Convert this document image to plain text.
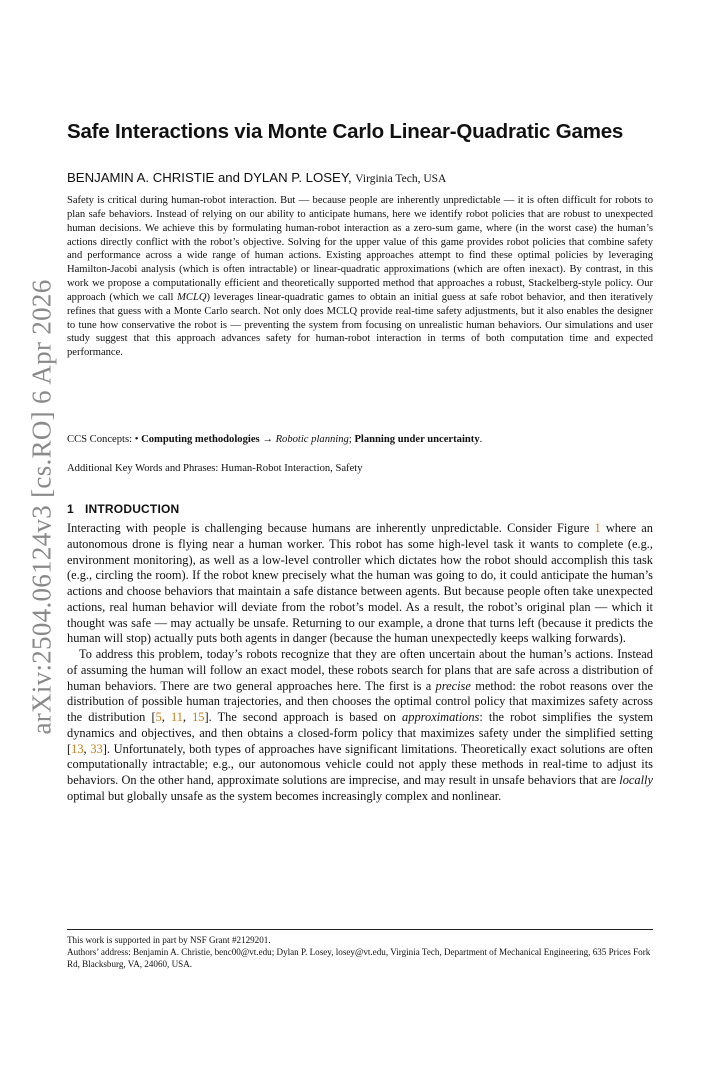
arXiv:2504.06124v3 [cs.RO] 6 Apr 2026
Safe Interactions via Monte Carlo Linear-Quadratic Games
BENJAMIN A. CHRISTIE and DYLAN P. LOSEY, Virginia Tech, USA

Safety is critical during human-robot interaction. But — because people are inherently unpredictable — it is often difficult for robots to plan safe behaviors. Instead of relying on our ability to anticipate humans, here we identify robot policies that are robust to unexpected human decisions. We achieve this by formulating human-robot interaction as a zero-sum game, where (in the worst case) the human’s actions directly conflict with the robot’s objective. Solving for the upper value of this game provides robot policies that combine safety and performance across a wide range of human actions. Existing approaches attempt to find these optimal policies by leveraging Hamilton-Jacobi analysis (which is often intractable) or linear-quadratic approximations (which are often inexact). By contrast, in this work we propose a computationally efficient and theoretically supported method that approaches a robust, Stackelberg-style policy. Our approach (which we call MCLQ) leverages linear-quadratic games to obtain an initial guess at safe robot behavior, and then iteratively refines that guess with a Monte Carlo search. Not only does MCLQ provide real-time safety adjustments, but it also enables the designer to tune how conservative the robot is — preventing the system from focusing on unrealistic human behaviors. Our simulations and user study suggest that this approach advances safety for human-robot interaction in terms of both computation time and expected performance.

CCS Concepts: • Computing methodologies → Robotic planning; Planning under uncertainty.

Additional Key Words and Phrases: Human-Robot Interaction, Safety

1 INTRODUCTION

Interacting with people is challenging because humans are inherently unpredictable. Consider Figure 1 where an autonomous drone is flying near a human worker. This robot has some high-level task it wants to complete (e.g., environment monitoring), as well as a low-level controller which dictates how the robot should accomplish this task (e.g., circling the room). If the robot knew precisely what the human was going to do, it could anticipate the human’s actions and choose behaviors that maintain a safe distance between agents. But because people often take unexpected actions, real human behavior will deviate from the robot’s model. As a result, the robot’s original plan — which it thought was safe — may actually be unsafe. Returning to our example, a drone that turns left (because it predicts the human will stop) actually puts both agents in danger (because the human unexpectedly keeps walking forwards).

To address this problem, today’s robots recognize that they are often uncertain about the human’s actions. Instead of assuming the human will follow an exact model, these robots search for plans that are safe across a distribution of human behaviors. There are two general approaches here. The first is a precise method: the robot reasons over the distribution of possible human trajectories, and then chooses the optimal control policy that maximizes safety across the distribution [5, 11, 15]. The second approach is based on approximations: the robot simplifies the system dynamics and objectives, and then obtains a closed-form policy that maximizes safety under the simplified setting [13, 33]. Unfortunately, both types of approaches have significant limitations. Theoretically exact solutions are often computationally intractable; e.g., our autonomous vehicle could not apply these methods in real-time to adjust its behaviors. On the other hand, approximate solutions are imprecise, and may result in unsafe behaviors that are locally optimal but globally unsafe as the system becomes increasingly complex and nonlinear.

This work is supported in part by NSF Grant #2129201.

Authors’ address: Benjamin A. Christie, benc00@vt.edu; Dylan P. Losey, losey@vt.edu, Virginia Tech, Department of Mechanical Engineering, 635 Prices Fork Rd, Blacksburg, VA, 24060, USA.
